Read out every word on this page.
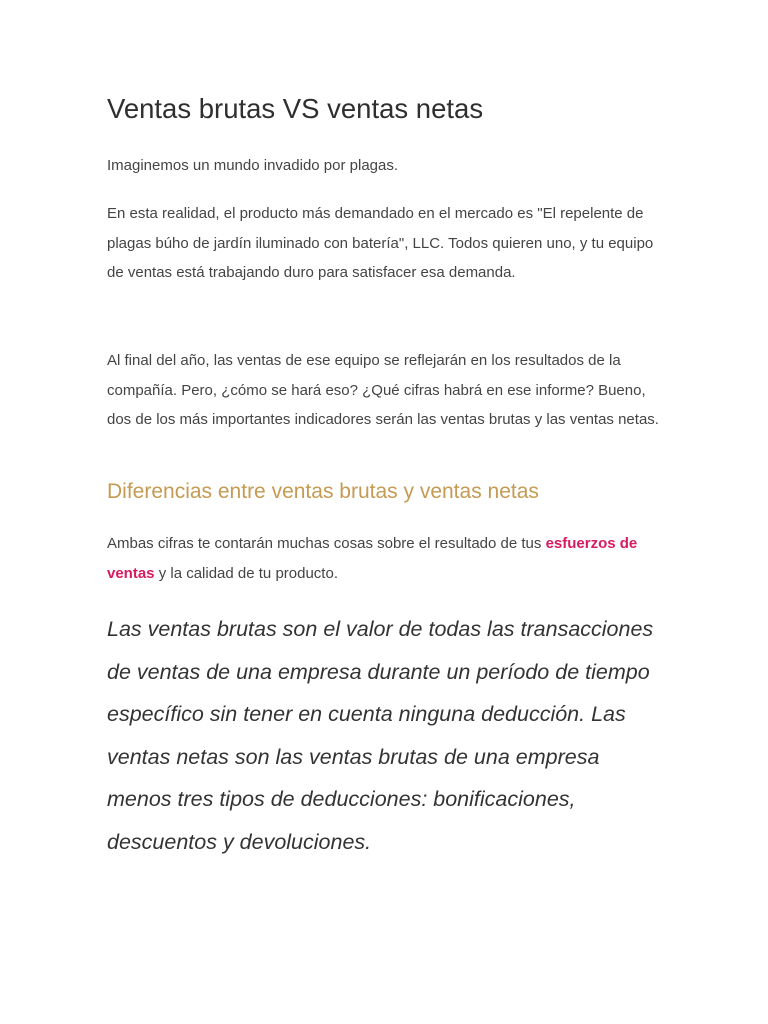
Ventas brutas VS ventas netas

Imaginemos un mundo invadido por plagas.

En esta realidad, el producto más demandado en el mercado es "El repelente de plagas búho de jardín iluminado con batería", LLC. Todos quieren uno, y tu equipo de ventas está trabajando duro para satisfacer esa demanda.

Al final del año, las ventas de ese equipo se reflejarán en los resultados de la compañía. Pero, ¿cómo se hará eso? ¿Qué cifras habrá en ese informe? Bueno, dos de los más importantes indicadores serán las ventas brutas y las ventas netas.

Diferencias entre ventas brutas y ventas netas

Ambas cifras te contarán muchas cosas sobre el resultado de tus esfuerzos de ventas y la calidad de tu producto.

Las ventas brutas son el valor de todas las transacciones de ventas de una empresa durante un período de tiempo específico sin tener en cuenta ninguna deducción. Las ventas netas son las ventas brutas de una empresa menos tres tipos de deducciones: bonificaciones, descuentos y devoluciones.
